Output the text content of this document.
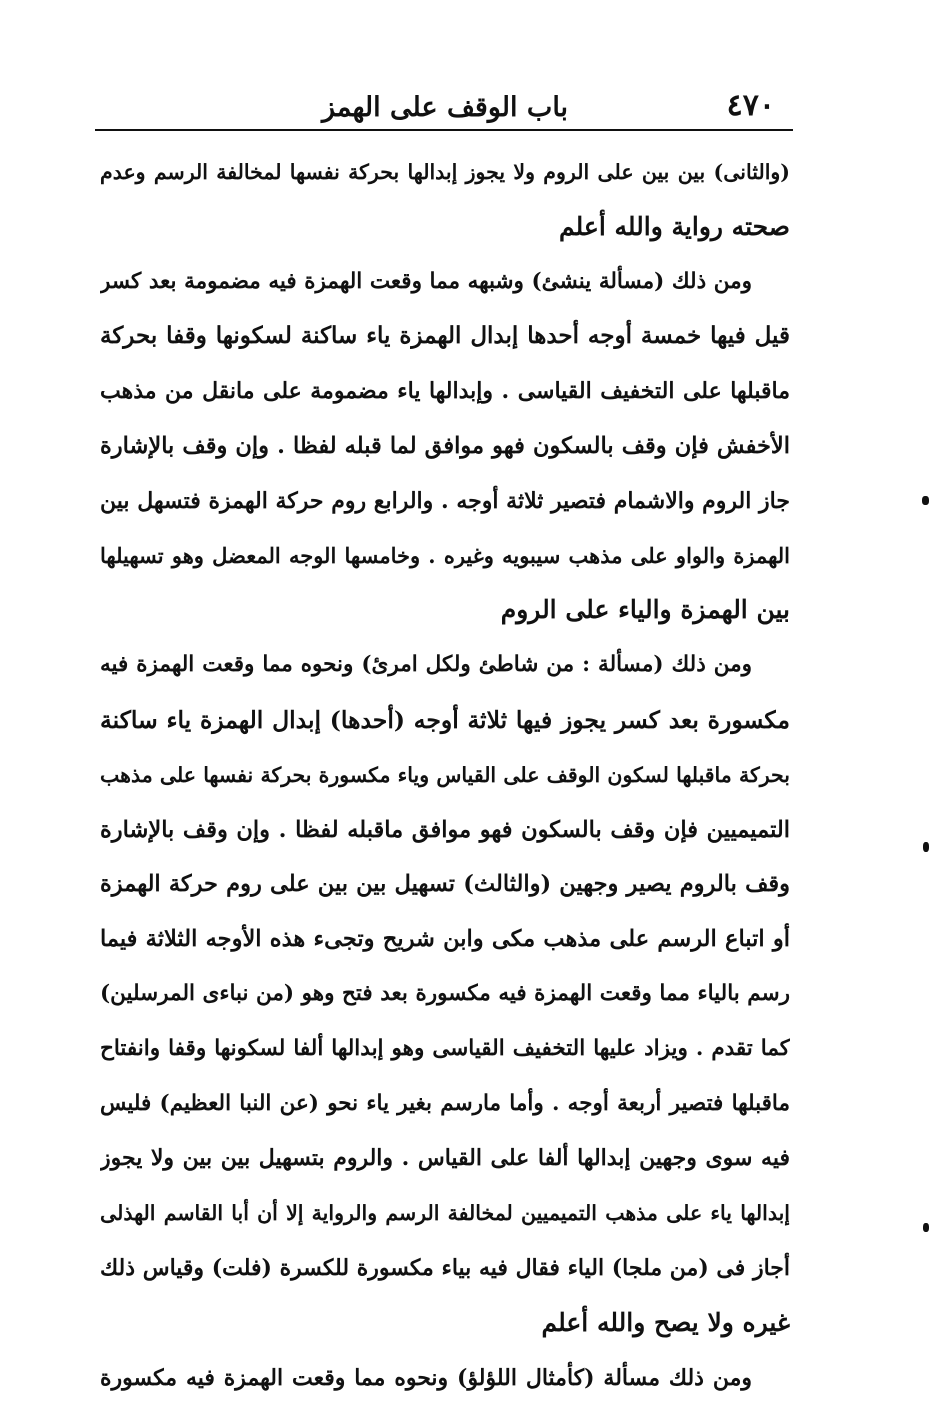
٤٧٠
باب الوقف على الهمز
(والثانى) بين بين على الروم ولا يجوز إبدالها بحركة نفسها لمخالفة الرسم وعدم
صحته رواية والله أعلم
ومن ذلك (مسألة ينشئ) وشبهه مما وقعت الهمزة فيه مضمومة بعد كسر
قيل فيها خمسة أوجه أحدها إبدال الهمزة ياء ساكنة لسكونها وقفا بحركة
ماقبلها على التخفيف القياسى . وإبدالها ياء مضمومة على مانقل من مذهب
الأخفش فإن وقف بالسكون فهو موافق لما قبله لفظا . وإن وقف بالإشارة
جاز الروم والاشمام فتصير ثلاثة أوجه . والرابع روم حركة الهمزة فتسهل بين
الهمزة والواو على مذهب سيبويه وغيره . وخامسها الوجه المعضل وهو تسهيلها
بين الهمزة والياء على الروم
ومن ذلك (مسألة : من شاطئ ولكل امرئ) ونحوه مما وقعت الهمزة فيه
مكسورة بعد كسر يجوز فيها ثلاثة أوجه (أحدها) إبدال الهمزة ياء ساكنة
بحركة ماقبلها لسكون الوقف على القياس وياء مكسورة بحركة نفسها على مذهب
التميميين فإن وقف بالسكون فهو موافق ماقبله لفظا . وإن وقف بالإشارة
وقف بالروم يصير وجهين (والثالث) تسهيل بين بين على روم حركة الهمزة
أو اتباع الرسم على مذهب مكى وابن شريح وتجىء هذه الأوجه الثلاثة فيما
رسم بالياء مما وقعت الهمزة فيه مكسورة بعد فتح وهو (من نباءى المرسلين)
كما تقدم . ويزاد عليها التخفيف القياسى وهو إبدالها ألفا لسكونها وقفا وانفتاح
ماقبلها فتصير أربعة أوجه . وأما مارسم بغير ياء نحو (عن النبا العظيم) فليس
فيه سوى وجهين إبدالها ألفا على القياس . والروم بتسهيل بين بين ولا يجوز
إبدالها ياء على مذهب التميميين لمخالفة الرسم والرواية إلا أن أبا القاسم الهذلى
أجاز فى (من ملجا) الياء فقال فيه بياء مكسورة للكسرة (فلت) وقياس ذلك
غيره ولا يصح والله أعلم
ومن ذلك مسألة (كأمثال اللؤلؤ) ونحوه مما وقعت الهمزة فيه مكسورة
